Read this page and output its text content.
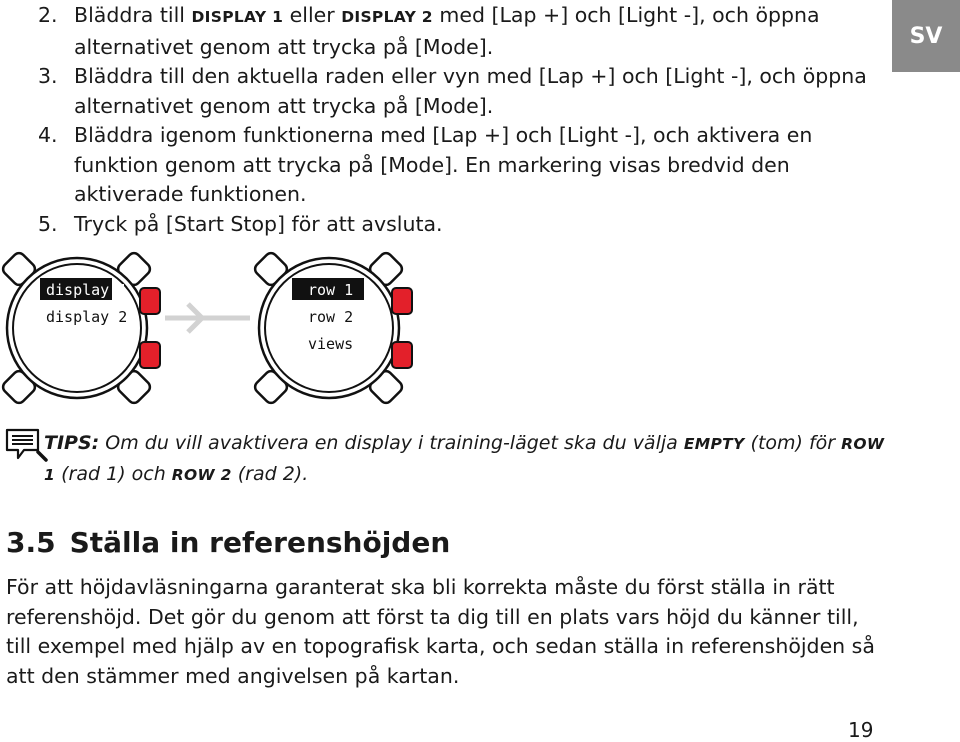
SV
2. Bläddra till DISPLAY 1 eller DISPLAY 2 med [Lap +] och [Light -], och öppna alternativet genom att trycka på [Mode].
3. Bläddra till den aktuella raden eller vyn med [Lap +] och [Light -], och öppna alternativet genom att trycka på [Mode].
4. Bläddra igenom funktionerna med [Lap +] och [Light -], och aktivera en funktion genom att trycka på [Mode]. En markering visas bredvid den aktiverade funktionen.
5. Tryck på [Start Stop] för att avsluta.
display 1
display 2
row 1
row 2
views
TIPS: Om du vill avaktivera en display i training-läget ska du välja EMPTY (tom) för ROW
1 (rad 1) och ROW 2 (rad 2).
3.5 Ställa in referenshöjden

För att höjdavläsningarna garanterat ska bli korrekta måste du först ställa in rätt referenshöjd. Det gör du genom att först ta dig till en plats vars höjd du känner till, till exempel med hjälp av en topografisk karta, och sedan ställa in referenshöjden så att den stämmer med angivelsen på kartan.

19
